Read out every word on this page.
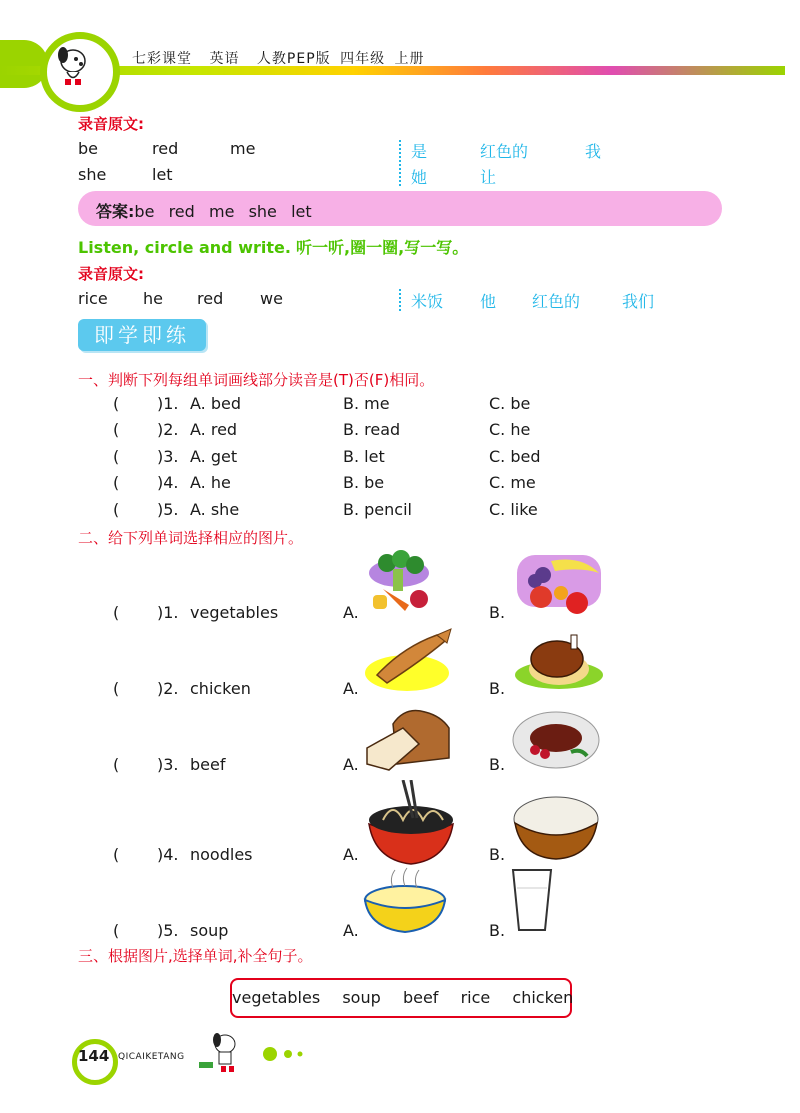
七彩课堂 英语 人教PEP版 四年级 上册
录音原文:
be	red	me
she	let
是	红色的	我
她	让
答案:be  red  me  she  let
Listen, circle and write. 听一听,圈一圈,写一写。
录音原文:
rice he red we	米饭 他 红色的	我们
即学即练
一、判断下列每组单词画线部分读音是(T)否(F)相同。
( )1. A. bed	B. me	C. be
( )2. A. red	B. read	C. he
( )3. A. get	B. let	C. bed
( )4. A. he	B. be	C. me
( )5. A. she	B. pencil	C. like
二、给下列单词选择相应的图片。
( )1. vegetables	A.	B.
( )2. chicken	A.	B.
( )3. beef	A.	B.
( )4. noodles	A.	B.
( )5. soup	A.	B.
三、根据图片,选择单词,补全句子。
vegetables  soup  beef  rice  chicken
144 QICAIKETANG
